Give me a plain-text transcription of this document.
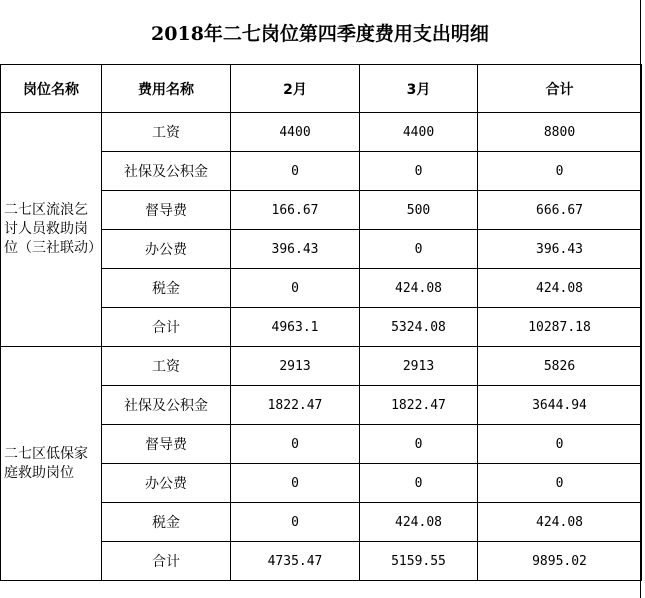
2018年二七岗位第四季度费用支出明细
岗位名称	费用名称	2月	3月	合计
二七区流浪乞讨人员救助岗位（三社联动）	工资	4400	4400	8800
	社保及公积金	0	0	0
	督导费	166.67	500	666.67
	办公费	396.43	0	396.43
	税金	0	424.08	424.08
	合计	4963.1	5324.08	10287.18
二七区低保家庭救助岗位	工资	2913	2913	5826
	社保及公积金	1822.47	1822.47	3644.94
	督导费	0	0	0
	办公费	0	0	0
	税金	0	424.08	424.08
	合计	4735.47	5159.55	9895.02
